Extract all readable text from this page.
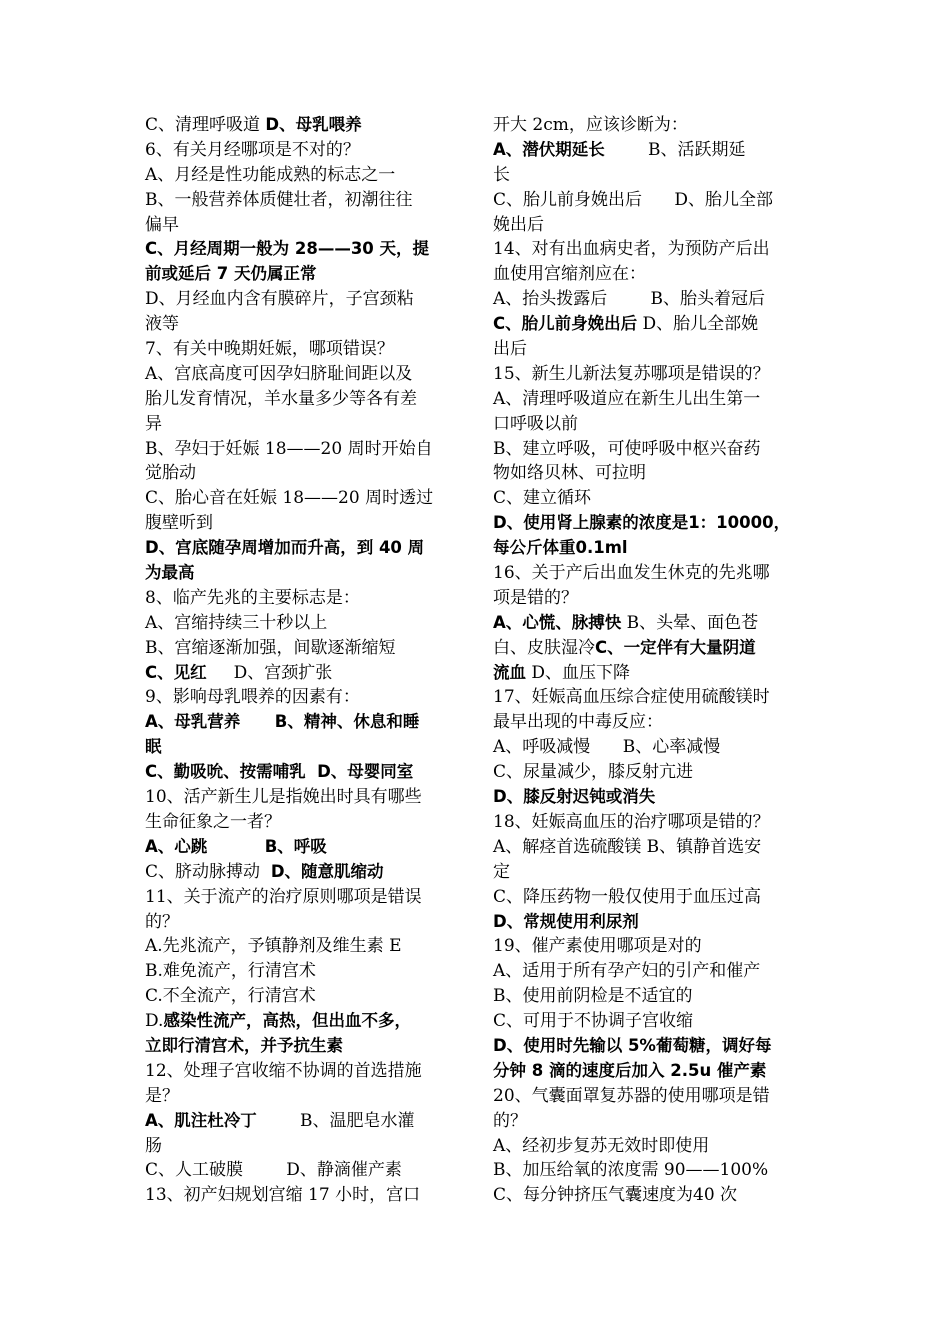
C、清理呼吸道 D、母乳喂养
6、有关月经哪项是不对的？
A、月经是性功能成熟的标志之一
B、一般营养体质健壮者，初潮往往
偏早
C、月经周期一般为 28——30 天，提
前或延后 7 天仍属正常
D、月经血内含有膜碎片，子宫颈粘
液等
7、有关中晚期妊娠，哪项错误？
A、宫底高度可因孕妇脐耻间距以及
胎儿发育情况，羊水量多少等各有差
异
B、孕妇于妊娠 18——20 周时开始自
觉胎动
C、胎心音在妊娠 18——20 周时透过
腹壁听到
D、宫底随孕周增加而升高，到 40 周
为最高
8、临产先兆的主要标志是：
A、宫缩持续三十秒以上
B、宫缩逐渐加强，间歇逐渐缩短
C、见红     D、宫颈扩张
9、影响母乳喂养的因素有：
A、母乳营养      B、精神、休息和睡
眠
C、勤吸吮、按需哺乳  D、母婴同室
10、活产新生儿是指娩出时具有哪些
生命征象之一者？
A、心跳          B、呼吸
C、脐动脉搏动  D、随意肌缩动
11、关于流产的治疗原则哪项是错误
的？
A.先兆流产，予镇静剂及维生素 E
B.难免流产，行清宫术
C.不全流产，行清宫术
D.感染性流产，高热，但出血不多，
立即行清宫术，并予抗生素
12、处理子宫收缩不协调的首选措施
是？
A、肌注杜冷丁        B、温肥皂水灌
肠
C、人工破膜        D、静滴催产素
13、初产妇规划宫缩 17 小时，宫口
开大 2cm，应该诊断为：
A、潜伏期延长        B、活跃期延
长
C、胎儿前身娩出后      D、胎儿全部
娩出后
14、对有出血病史者，为预防产后出
血使用宫缩剂应在：
A、抬头拨露后        B、胎头着冠后
C、胎儿前身娩出后 D、胎儿全部娩
出后
15、新生儿新法复苏哪项是错误的？
A、清理呼吸道应在新生儿出生第一
口呼吸以前
B、建立呼吸，可使呼吸中枢兴奋药
物如络贝林、可拉明
C、建立循环
D、使用肾上腺素的浓度是1：10000，
每公斤体重0.1ml
16、关于产后出血发生休克的先兆哪
项是错的？
A、心慌、脉搏快 B、头晕、面色苍
白、皮肤湿冷C、一定伴有大量阴道
流血 D、血压下降
17、妊娠高血压综合症使用硫酸镁时
最早出现的中毒反应：
A、呼吸减慢      B、心率减慢
C、尿量减少，膝反射亢进
D、膝反射迟钝或消失
18、妊娠高血压的治疗哪项是错的？
A、解痉首选硫酸镁 B、镇静首选安
定
C、降压药物一般仅使用于血压过高
D、常规使用利尿剂
19、催产素使用哪项是对的
A、适用于所有孕产妇的引产和催产
B、使用前阴检是不适宜的
C、可用于不协调子宫收缩
D、使用时先输以 5%葡萄糖，调好每
分钟 8 滴的速度后加入 2.5u 催产素
20、气囊面罩复苏器的使用哪项是错
的？
A、经初步复苏无效时即使用
B、加压给氧的浓度需 90——100%
C、每分钟挤压气囊速度为40 次
